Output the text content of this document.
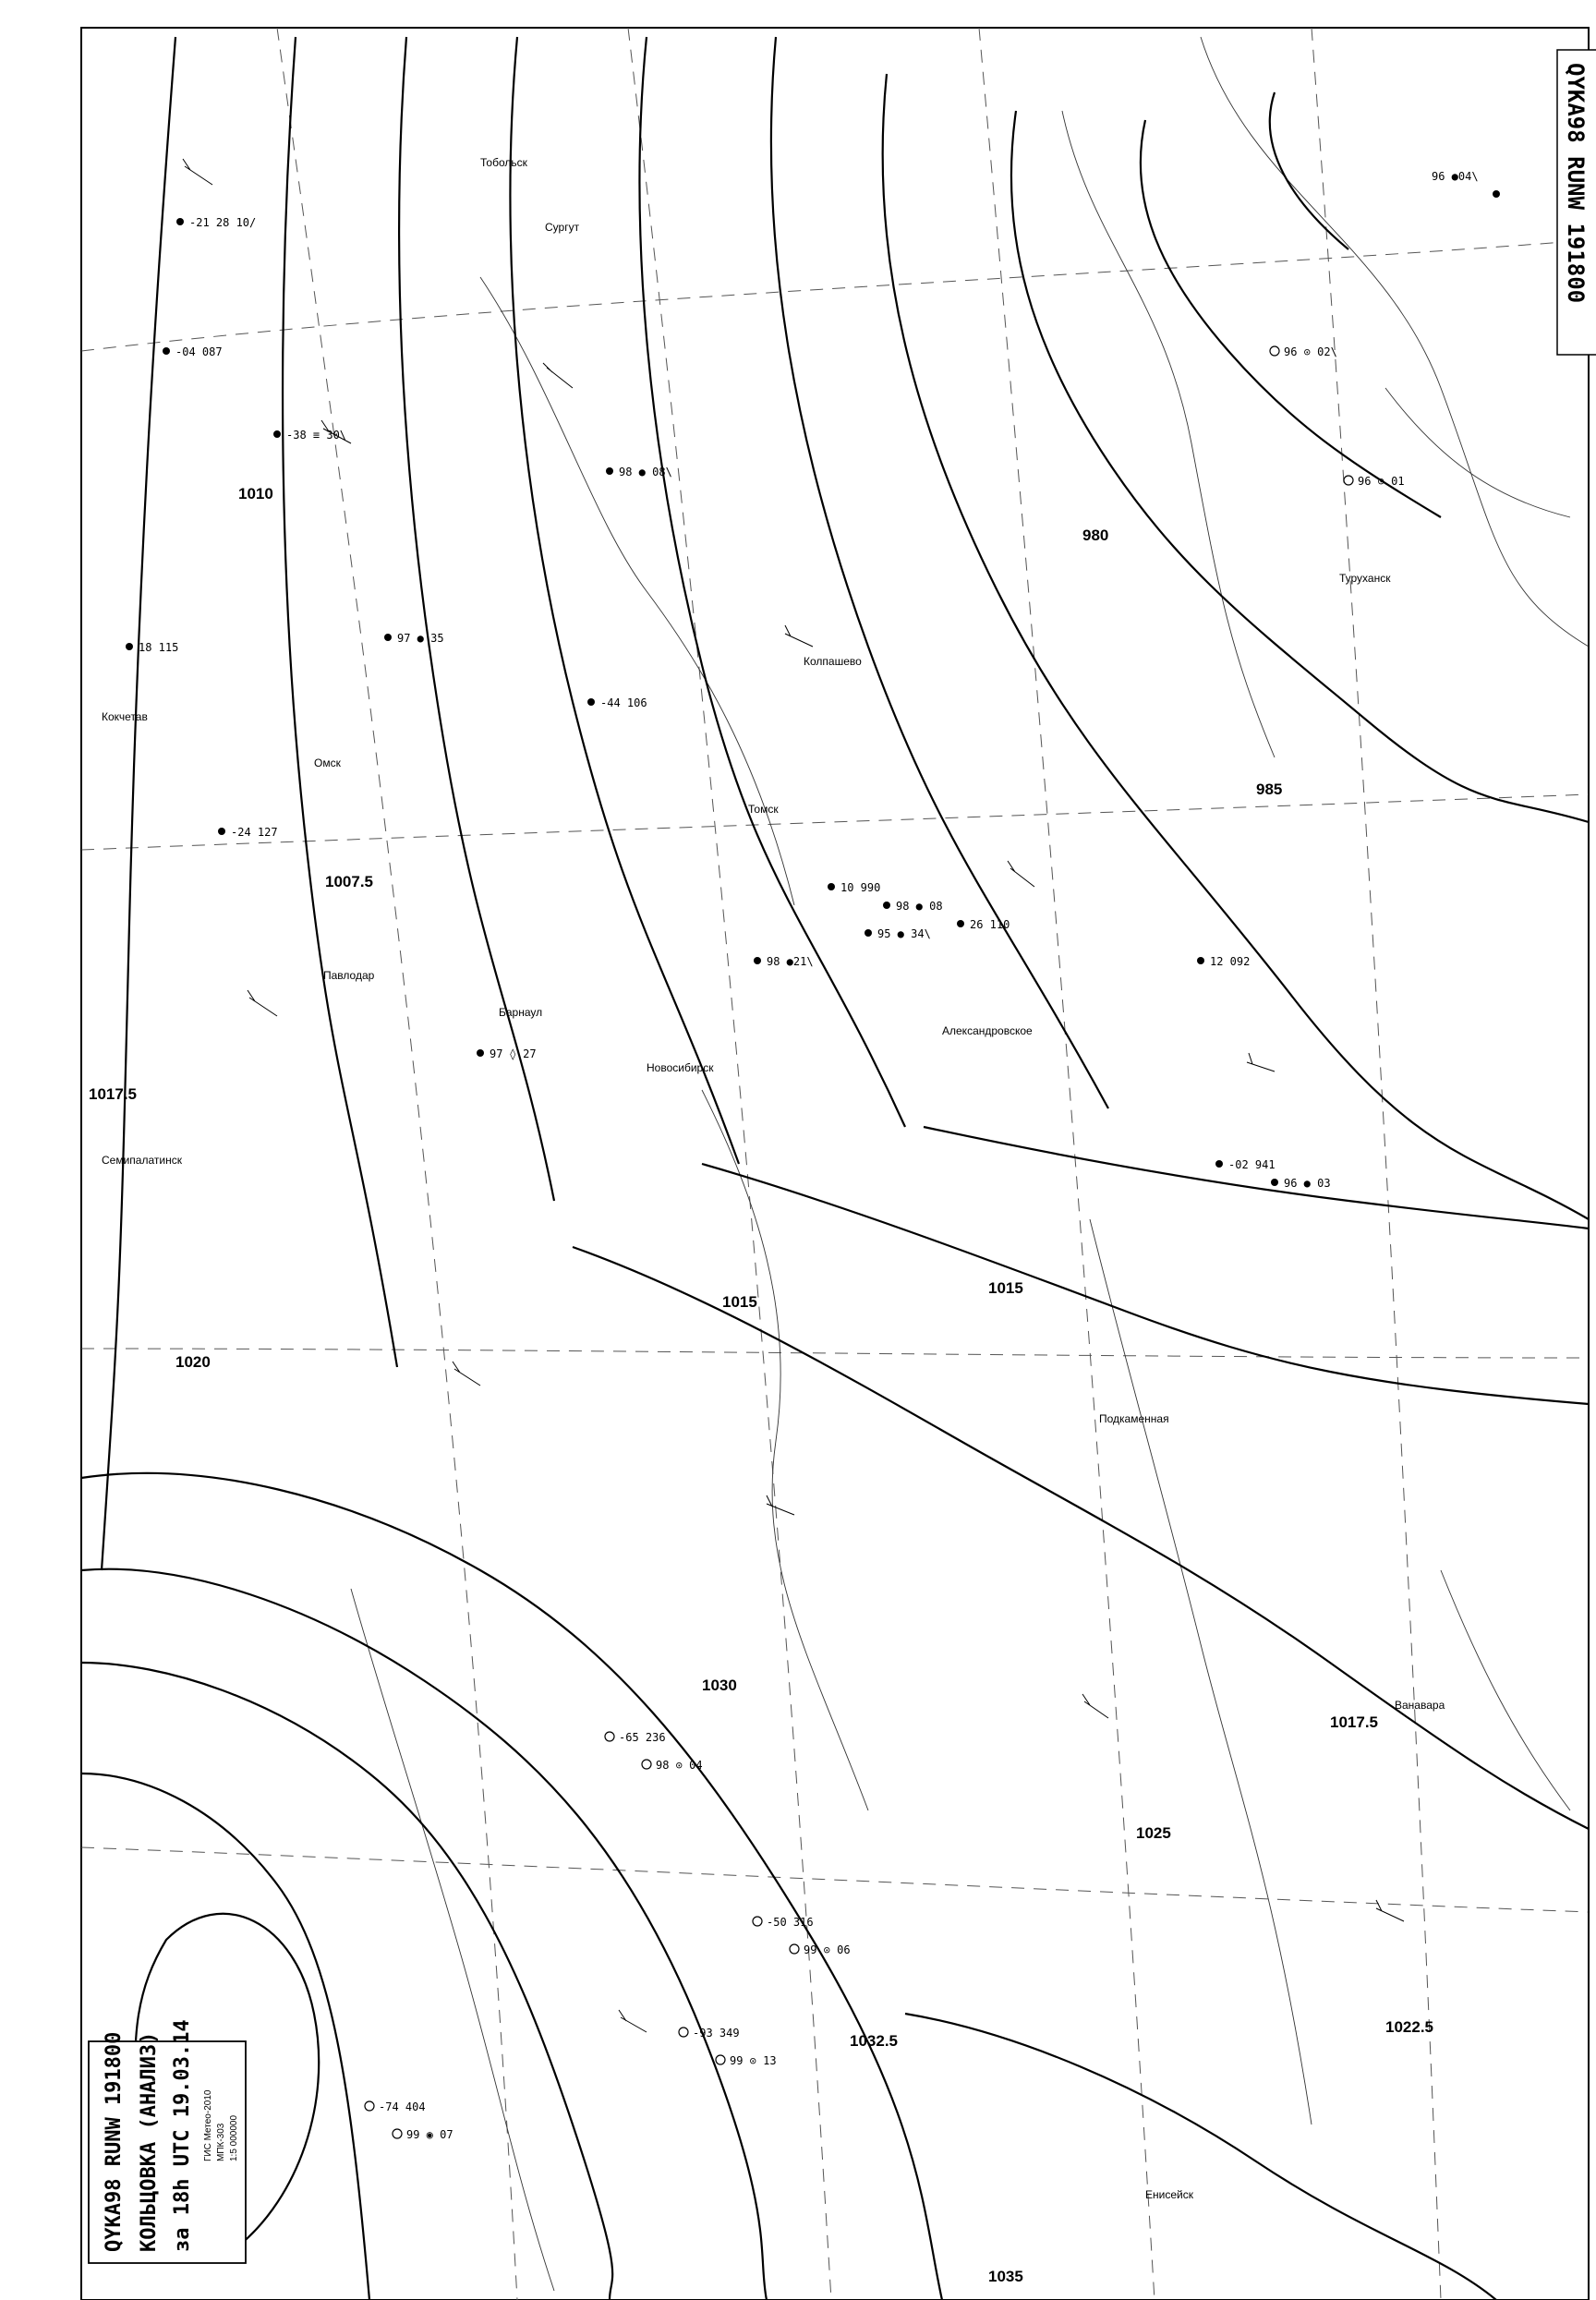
1010
1015
1007.5
1017.5
985
980
1015
1025
1030
1032.5
1022.5
1017.5
1035
1020
Сургут
Тобольск
Омск
Кокчетав
Семипалатинск
Павлодар
Барнаул
Новосибирск
Томск
Колпашево
Александровское
Енисейск
Подкаменная
Туруханск
Ванавара
-21 28 10/
96 ●04\
-38 ≡ 30\
98 ● 08\
-04 087
97 ● 35
18 115
96 ⊙ 02\
-24 127
96 ⊙ 01
-44 106
97 ◊ 27
12 092
98 ● 08
26 110
98 ●21\
-02 941
96 ● 03
10 990
95 ● 34\
-50 316
99 ⊙ 06
-65 236
98 ⊙ 04
-93 349
99 ⊙ 13
-74 404
99 ◉ 07
QYKA98 RUNW 191800
QYKA98 RUNW 191800 КОЛЬЦОВКА (АНАЛИЗ) за 18h UTC 19.03.14 ГИС Метео-2010 МПК-303 1:5 000000
